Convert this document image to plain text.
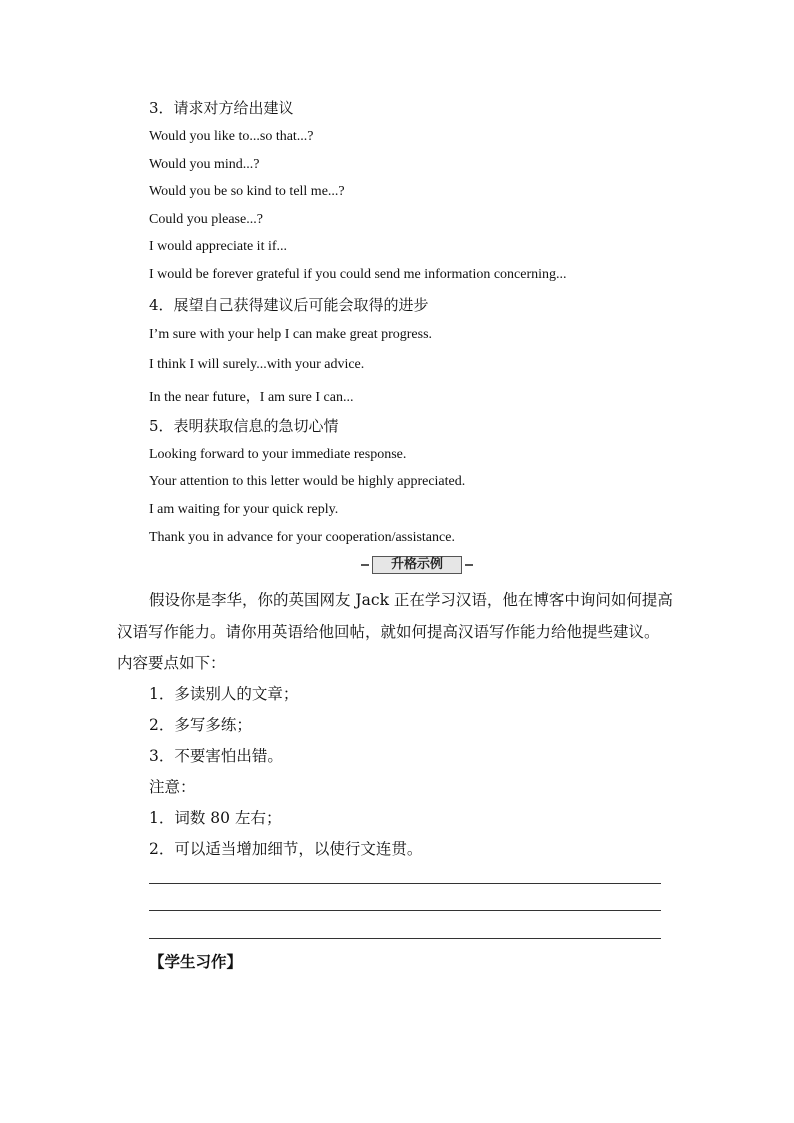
3．请求对方给出建议
Would you like to...so that...?
Would you mind...?
Would you be so kind to tell me...?
Could you please...?
I would appreciate it if...
I would be forever grateful if you could send me information concerning...
4．展望自己获得建议后可能会取得的进步
I’m sure with your help I can make great progress.
I think I will surely...with your advice.
In the near future，I am sure I can...
5．表明获取信息的急切心情
Looking forward to your immediate response.
Your attention to this letter would be highly appreciated.
I am waiting for your quick reply.
Thank you in advance for your cooperation/assistance.
升格示例
假设你是李华，你的英国网友 Jack 正在学习汉语，他在博客中询问如何提高
汉语写作能力。请你用英语给他回帖，就如何提高汉语写作能力给他提些建议。
内容要点如下：
1．多读别人的文章；
2．多写多练；
3．不要害怕出错。
注意：
1．词数 80 左右；
2．可以适当增加细节，以使行文连贯。
【学生习作】
